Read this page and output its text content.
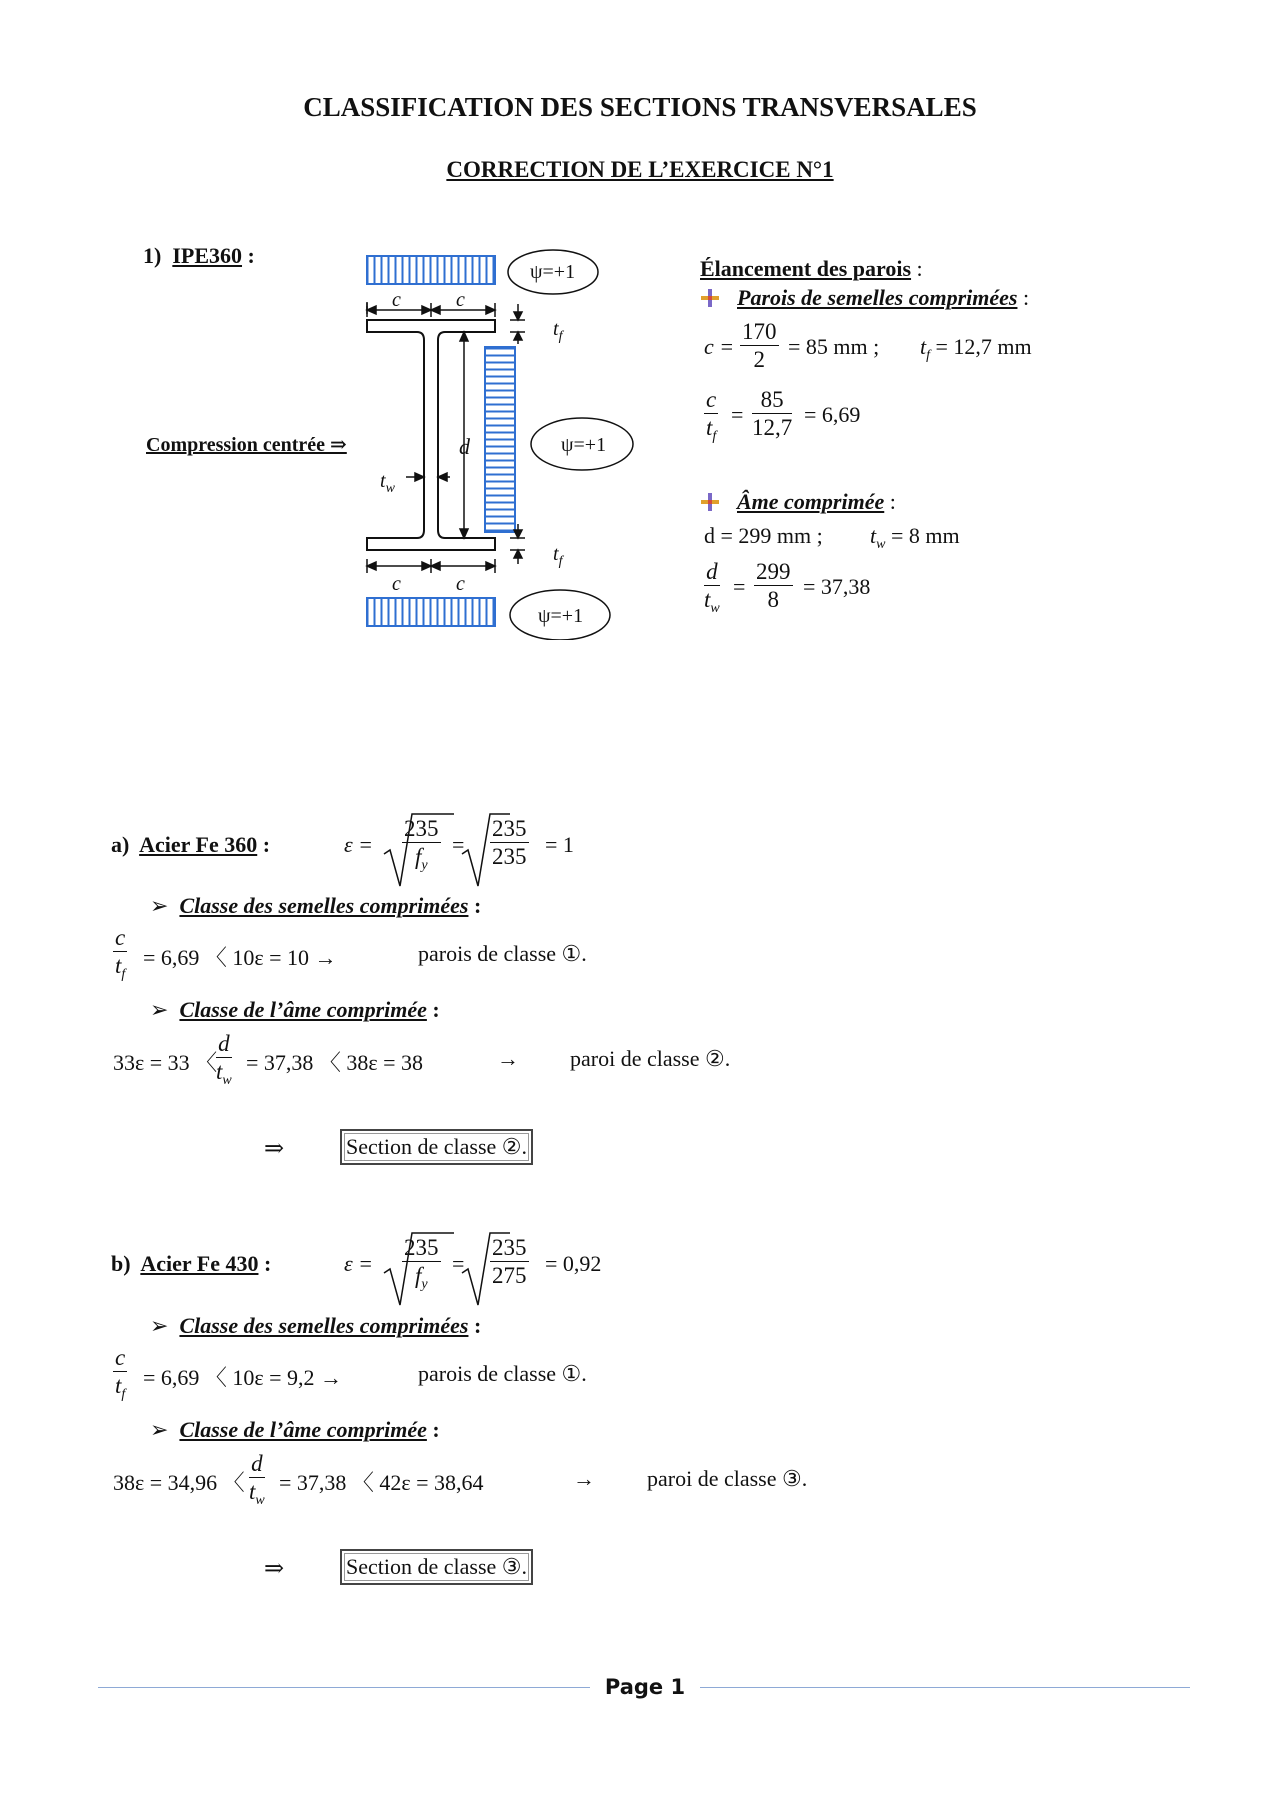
CLASSIFICATION DES SECTIONS TRANSVERSALES
CORRECTION DE L’EXERCICE N°1
1) IPE360 :
Compression centrée ⇒
ψ=+1
ψ=+1
ψ=+1
c	c
c	c
d
$t_f$
$t_f$
$t_w$
Élancement des parois :
Parois de semelles comprimées :
$c = \frac{170}{2} = 85$ mm ; $t_f = 12,7$ mm
$\frac{c}{t_f} = \frac{85}{12,7} = 6,69$
Âme comprimée :
d = 299 mm ; $t_w = 8$ mm
$\frac{d}{t_w} = \frac{299}{8} = 37,38$
a) Acier Fe 360 :	$\varepsilon = \frac{235}{f_y} = \frac{235}{235} = 1$
➢ Classe des semelles comprimées :
$\frac{c}{t_f} = 6,69$ 〈 10ε = 10 →	parois de classe ①.
➢ Classe de l’âme comprimée :
33ε = 33 〈
$\frac{d}{t_w} = 37,38$ 〈 38ε = 38	→ paroi de classe ②.
⇒	Section de classe ②.
b) Acier Fe 430 :	$\varepsilon = \frac{235}{f_y} = \frac{235}{275} = 0,92$
➢ Classe des semelles comprimées :
$\frac{c}{t_f} = 6,69$ 〈 10ε = 9,2 →	parois de classe ①.
➢ Classe de l’âme comprimée :
38ε = 34,96 〈 $\frac{d}{t_w} = 37,38$ 〈 42ε = 38,64	→ paroi de classe ③.
⇒	Section de classe ③.
Page 1
